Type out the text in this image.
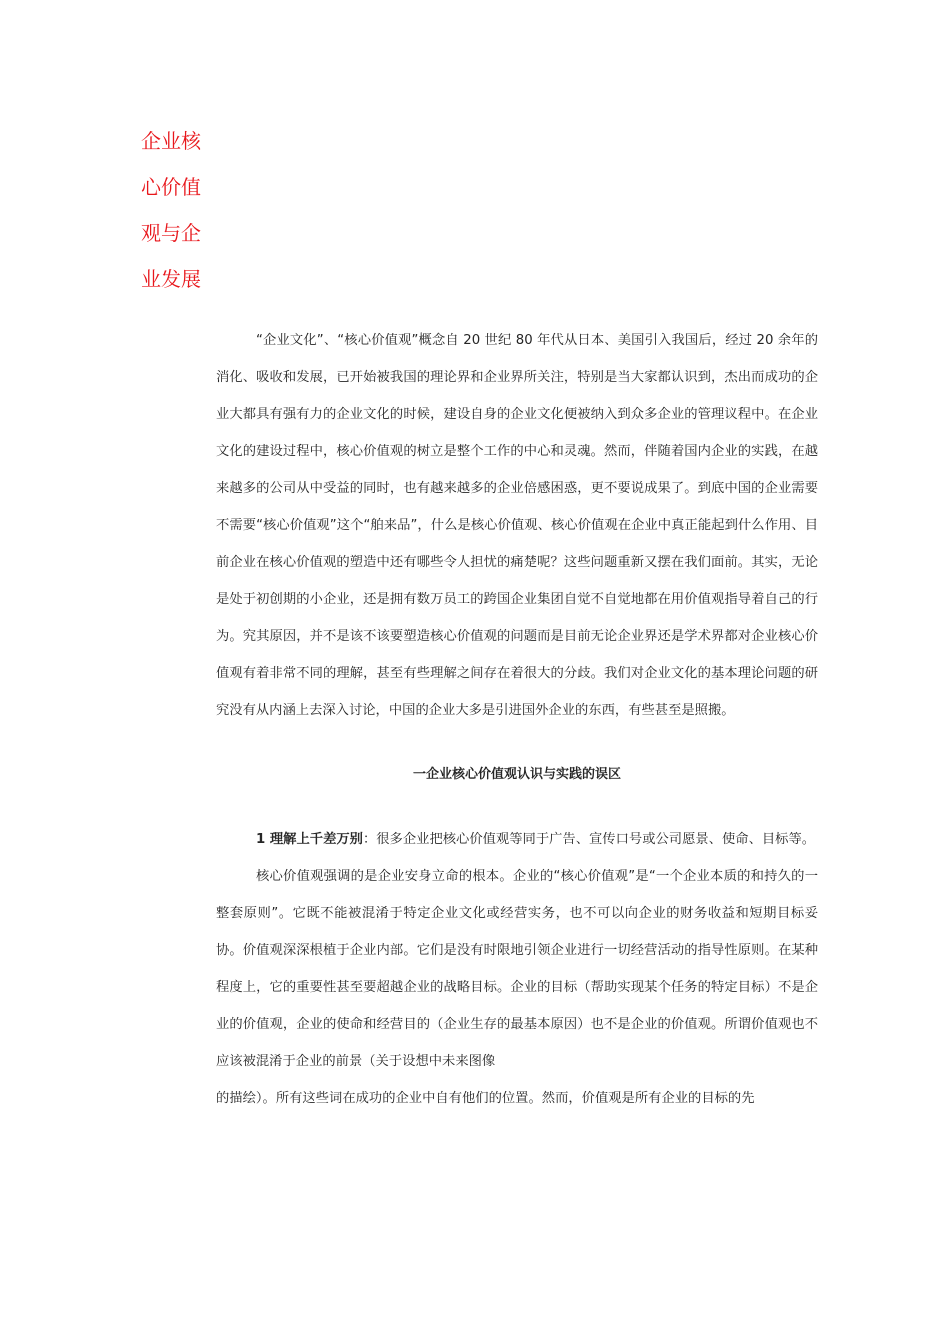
企业核
心价值
观与企
业发展

“企业文化”、“核心价值观”概念自 20 世纪 80 年代从日本、美国引入我国后，经过 20 余年的消化、吸收和发展，已开始被我国的理论界和企业界所关注，特别是当大家都认识到，杰出而成功的企业大都具有强有力的企业文化的时候，建设自身的企业文化便被纳入到众多企业的管理议程中。在企业文化的建设过程中，核心价值观的树立是整个工作的中心和灵魂。然而，伴随着国内企业的实践，在越来越多的公司从中受益的同时，也有越来越多的企业倍感困惑，更不要说成果了。到底中国的企业需要不需要“核心价值观”这个“舶来品”，什么是核心价值观、核心价值观在企业中真正能起到什么作用、目前企业在核心价值观的塑造中还有哪些令人担忧的痛楚呢？这些问题重新又摆在我们面前。其实，无论是处于初创期的小企业，还是拥有数万员工的跨国企业集团自觉不自觉地都在用价值观指导着自己的行为。究其原因，并不是该不该要塑造核心价值观的问题而是目前无论企业界还是学术界都对企业核心价值观有着非常不同的理解，甚至有些理解之间存在着很大的分歧。我们对企业文化的基本理论问题的研究没有从内涵上去深入讨论，中国的企业大多是引进国外企业的东西，有些甚至是照搬。

一企业核心价值观认识与实践的误区

1 理解上千差万别：很多企业把核心价值观等同于广告、宣传口号或公司愿景、使命、目标等。

核心价值观强调的是企业安身立命的根本。企业的“核心价值观”是“一个企业本质的和持久的一整套原则”。它既不能被混淆于特定企业文化或经营实务，也不可以向企业的财务收益和短期目标妥协。价值观深深根植于企业内部。它们是没有时限地引领企业进行一切经营活动的指导性原则。在某种程度上，它的重要性甚至要超越企业的战略目标。企业的目标（帮助实现某个任务的特定目标）不是企业的价值观，企业的使命和经营目的（企业生存的最基本原因）也不是企业的价值观。所谓价值观也不应该被混淆于企业的前景（关于设想中未来图像

的描绘）。所有这些词在成功的企业中自有他们的位置。然而，价值观是所有企业的目标的先
